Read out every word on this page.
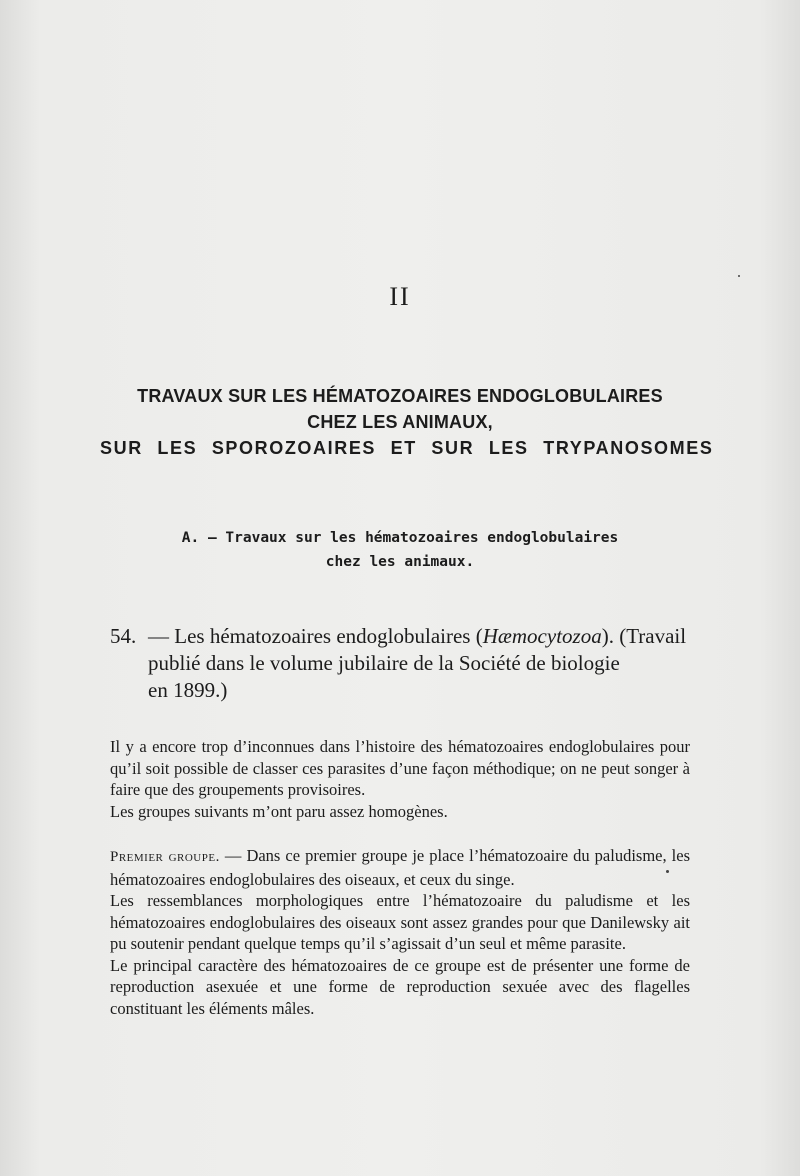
II
TRAVAUX SUR LES HÉMATOZOAIRES ENDOGLOBULAIRES
CHEZ LES ANIMAUX,
SUR LES SPOROZOAIRES ET SUR LES TRYPANOSOMES
A. — Travaux sur les hématozoaires endoglobulaires
chez les animaux.
54. — Les hématozoaires endoglobulaires (Hæmocytozoa). (Travail
publié dans le volume jubilaire de la Société de biologie
en 1899.)

Il y a encore trop d’inconnues dans l’histoire des hématozoaires endoglobulaires pour qu’il soit possible de classer ces parasites d’une façon méthodique; on ne peut songer à faire que des groupements provisoires.

Les groupes suivants m’ont paru assez homogènes.

Premier groupe. — Dans ce premier groupe je place l’hématozoaire du paludisme, les hématozoaires endoglobulaires des oiseaux, et ceux du singe.

Les ressemblances morphologiques entre l’hématozoaire du paludisme et les hématozoaires endoglobulaires des oiseaux sont assez grandes pour que Danilewsky ait pu soutenir pendant quelque temps qu’il s’agissait d’un seul et même parasite.

Le principal caractère des hématozoaires de ce groupe est de présenter une forme de reproduction asexuée et une forme de reproduction sexuée avec des flagelles constituant les éléments mâles.
